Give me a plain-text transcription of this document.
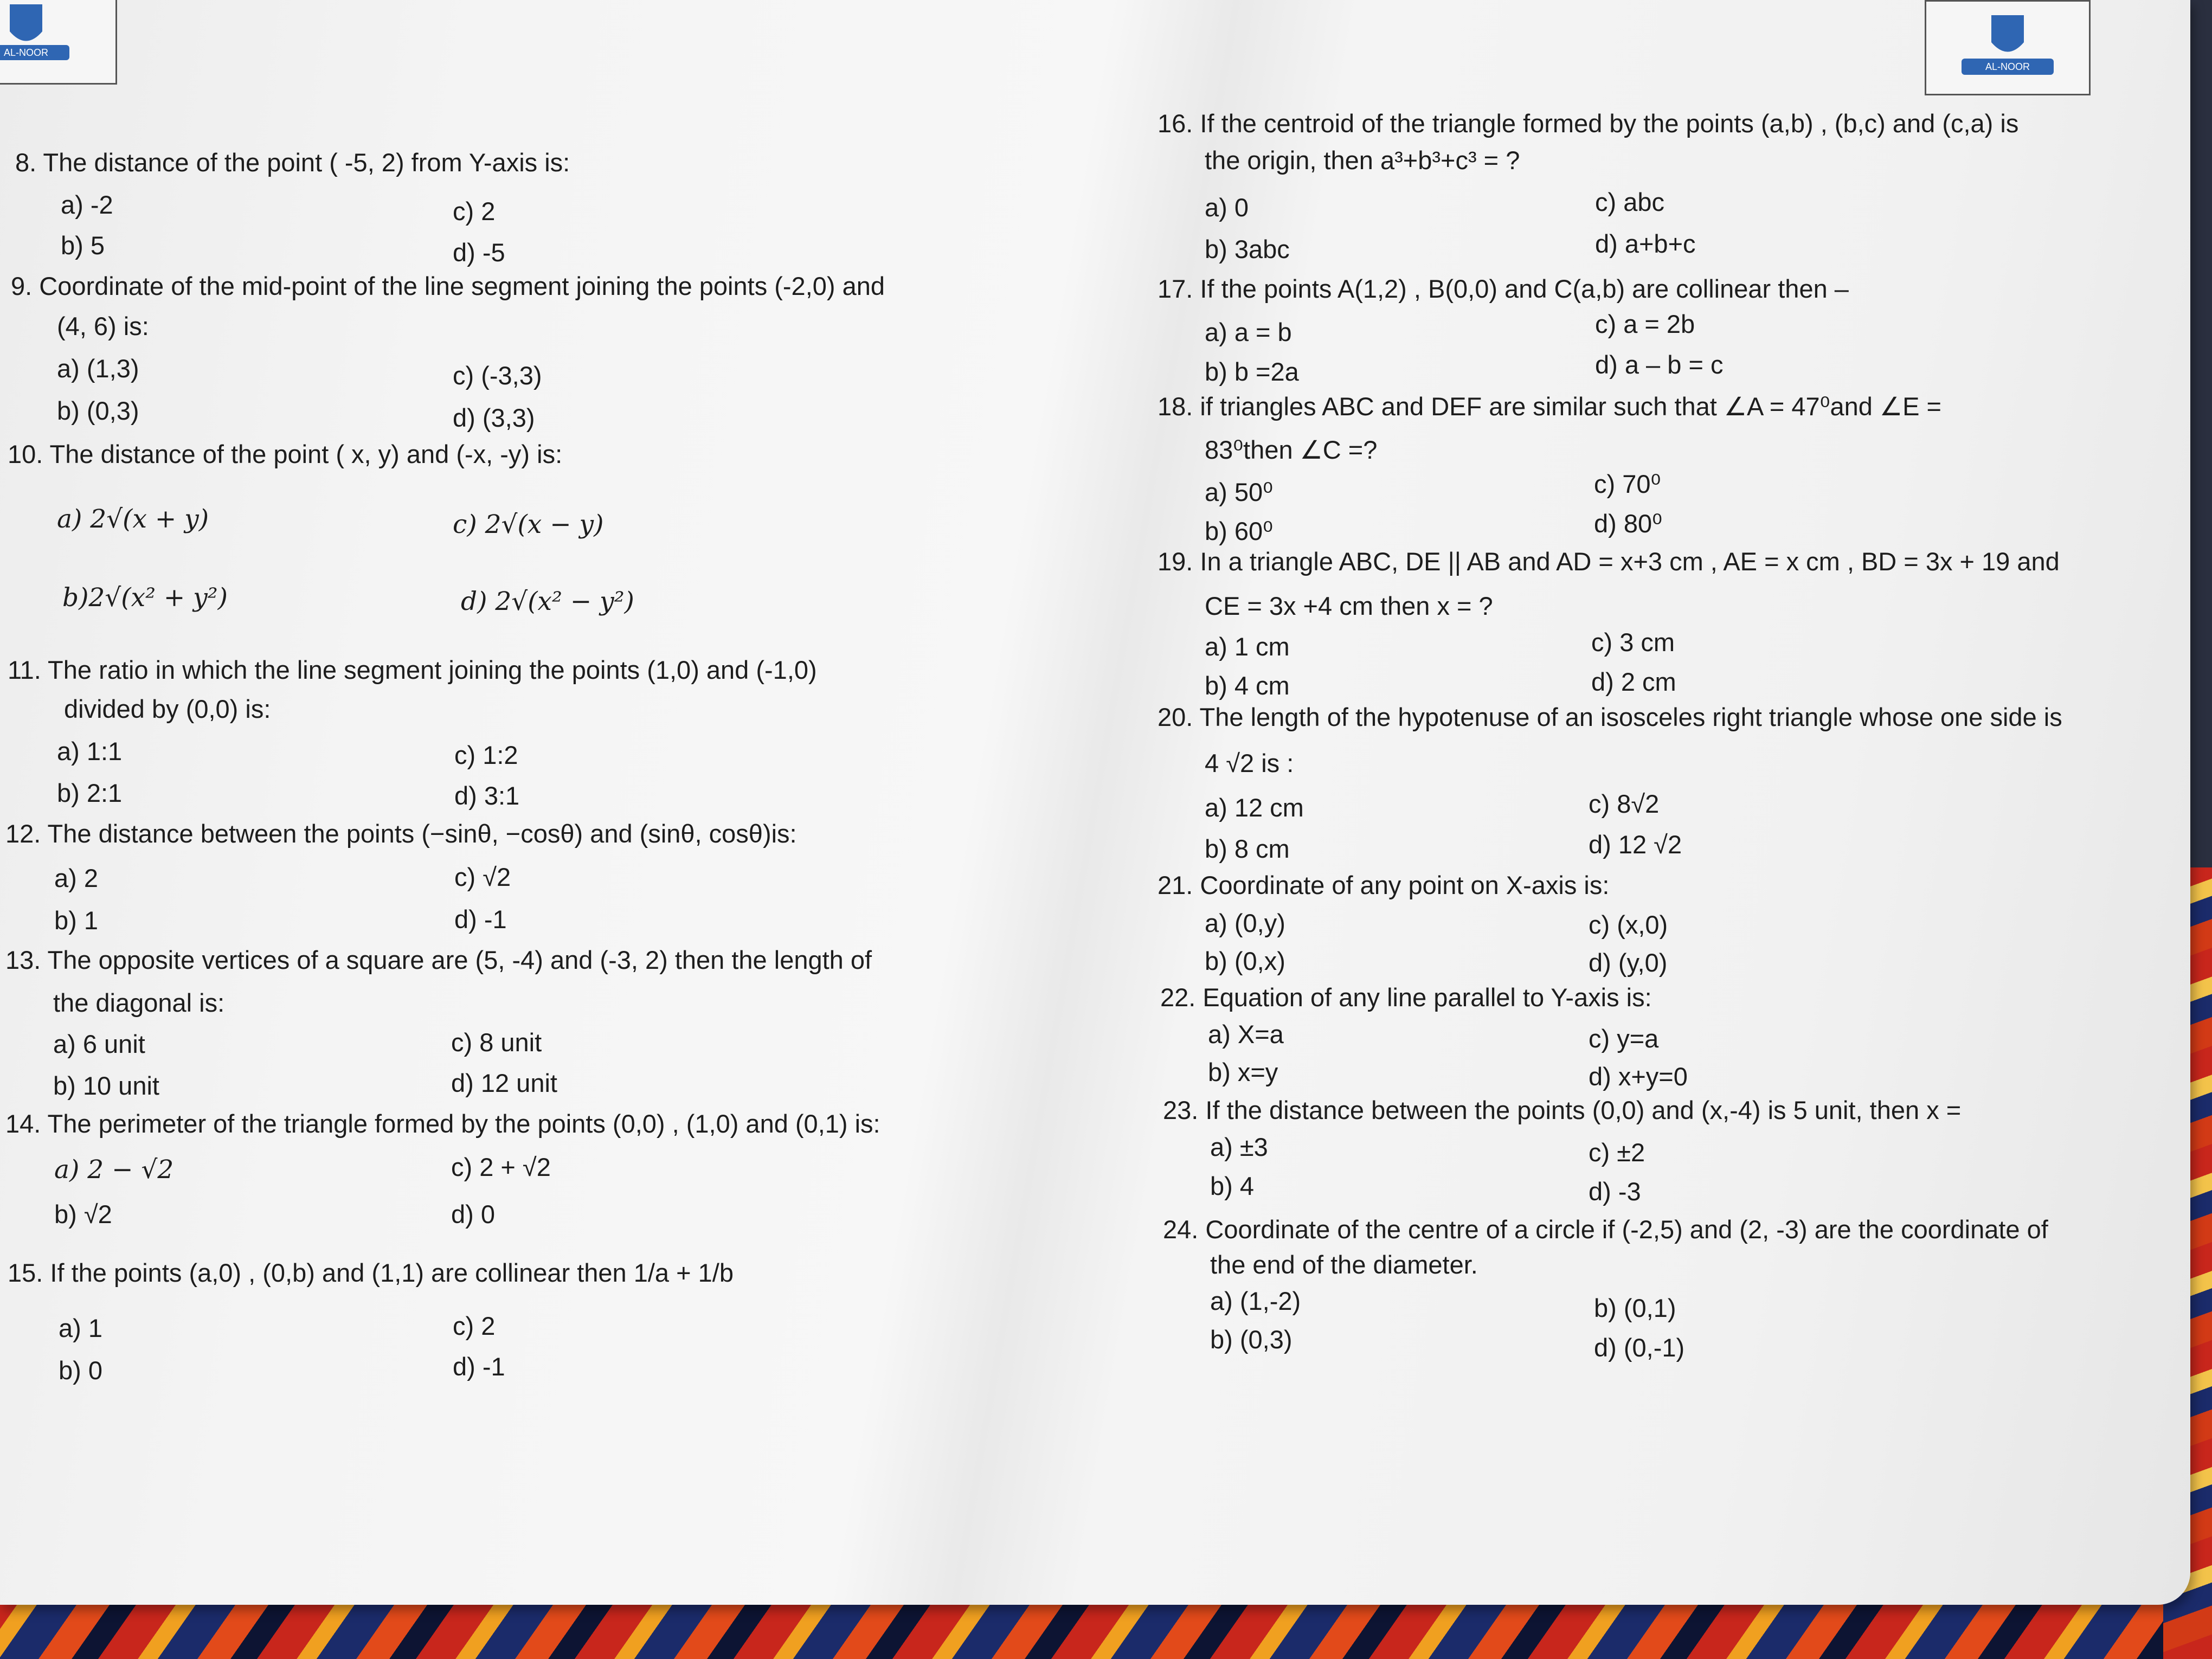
AL-NOOR
AL-NOOR
8. The distance of the point ( -5, 2) from Y-axis is:
a) -2
b) 5
c) 2
d) -5
9. Coordinate of the mid-point of the line segment joining the points (-2,0) and
(4, 6) is:
a) (1,3)
b) (0,3)
c) (-3,3)
d) (3,3)
10. The distance of the point ( x, y) and (-x, -y) is:
a) 2√(x + y)
b)2√(x² + y²)
c) 2√(x − y)
d) 2√(x² − y²)
11. The ratio in which the line segment joining the points (1,0) and (-1,0)
divided by (0,0) is:
a) 1:1
b) 2:1
c) 1:2
d) 3:1
12. The distance between the points (−sinθ, −cosθ) and (sinθ, cosθ)is:
a) 2
b) 1
c) √2
d) -1
13. The opposite vertices of a square are (5, -4) and (-3, 2) then the length of
the diagonal is:
a) 6 unit
b) 10 unit
c) 8 unit
d) 12 unit
14. The perimeter of the triangle formed by the points (0,0) , (1,0) and (0,1) is:
a) 2 − √2
b) √2
c) 2 + √2
d) 0
15. If the points (a,0) , (0,b) and (1,1) are collinear then 1/a + 1/b
a) 1
b) 0
c) 2
d) -1
16. If the centroid of the triangle formed by the points (a,b) , (b,c) and (c,a) is
the origin, then a³+b³+c³ = ?
a) 0
b) 3abc
c) abc
d) a+b+c
17. If the points A(1,2) , B(0,0) and C(a,b) are collinear then –
a) a = b
b) b =2a
c) a = 2b
d) a – b = c
18. if triangles ABC and DEF are similar such that ∠A = 47⁰and ∠E =
83⁰then ∠C =?
a) 50⁰
b) 60⁰
c) 70⁰
d) 80⁰
19. In a triangle ABC, DE || AB and AD = x+3 cm , AE = x cm , BD = 3x + 19 and
CE = 3x +4 cm then x = ?
a) 1 cm
b) 4 cm
c) 3 cm
d) 2 cm
20. The length of the hypotenuse of an isosceles right triangle whose one side is
4 √2 is :
a) 12 cm
b) 8 cm
c) 8√2
d) 12 √2
21. Coordinate of any point on X-axis is:
a) (0,y)
b) (0,x)
c) (x,0)
d) (y,0)
22. Equation of any line parallel to Y-axis is:
a) X=a
b) x=y
c) y=a
d) x+y=0
23. If the distance between the points (0,0) and (x,-4) is 5 unit, then x =
a) ±3
b) 4
c) ±2
d) -3
24. Coordinate of the centre of a circle if (-2,5) and (2, -3) are the coordinate of
the end of the diameter.
a) (1,-2)
b) (0,3)
b) (0,1)
d) (0,-1)
